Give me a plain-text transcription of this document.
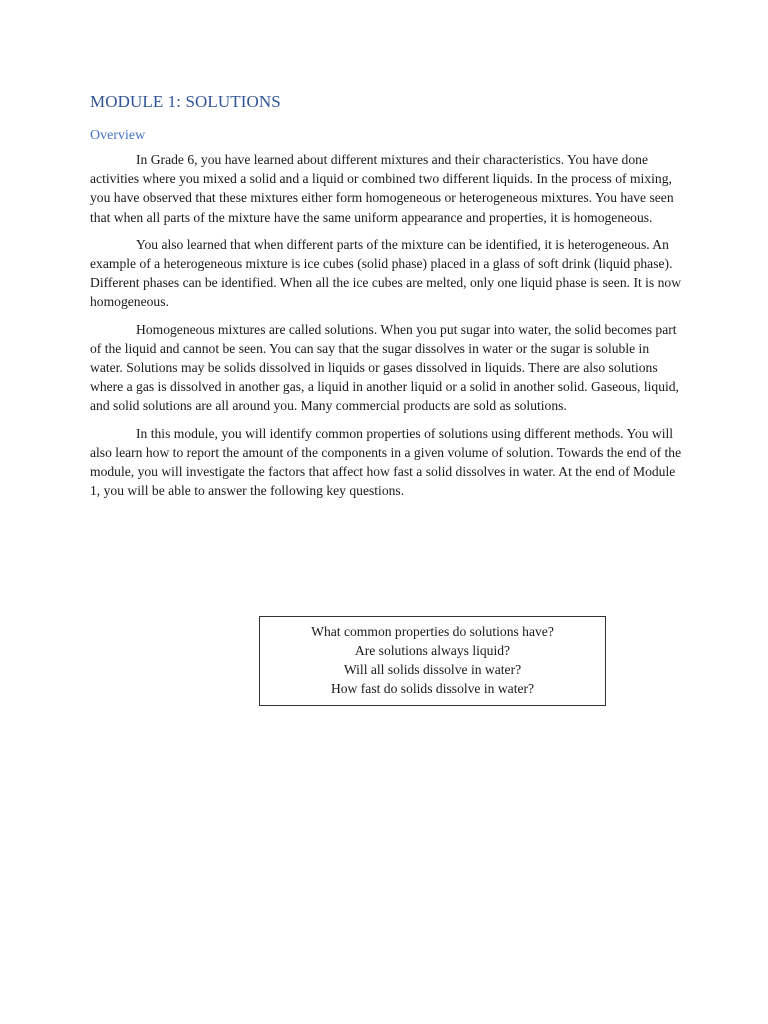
MODULE 1: SOLUTIONS
Overview

In Grade 6, you have learned about different mixtures and their characteristics. You have done activities where you mixed a solid and a liquid or combined two different liquids. In the process of mixing, you have observed that these mixtures either form homogeneous or heterogeneous mixtures. You have seen that when all parts of the mixture have the same uniform appearance and properties, it is homogeneous.

You also learned that when different parts of the mixture can be identified, it is heterogeneous. An example of a heterogeneous mixture is ice cubes (solid phase) placed in a glass of soft drink (liquid phase). Different phases can be identified. When all the ice cubes are melted, only one liquid phase is seen. It is now homogeneous.

Homogeneous mixtures are called solutions. When you put sugar into water, the solid becomes part of the liquid and cannot be seen. You can say that the sugar dissolves in water or the sugar is soluble in water. Solutions may be solids dissolved in liquids or gases dissolved in liquids. There are also solutions where a gas is dissolved in another gas, a liquid in another liquid or a solid in another solid. Gaseous, liquid, and solid solutions are all around you. Many commercial products are sold as solutions.

In this module, you will identify common properties of solutions using different methods. You will also learn how to report the amount of the components in a given volume of solution. Towards the end of the module, you will investigate the factors that affect how fast a solid dissolves in water. At the end of Module 1, you will be able to answer the following key questions.

What common properties do solutions have?

Are solutions always liquid?

Will all solids dissolve in water?

How fast do solids dissolve in water?
